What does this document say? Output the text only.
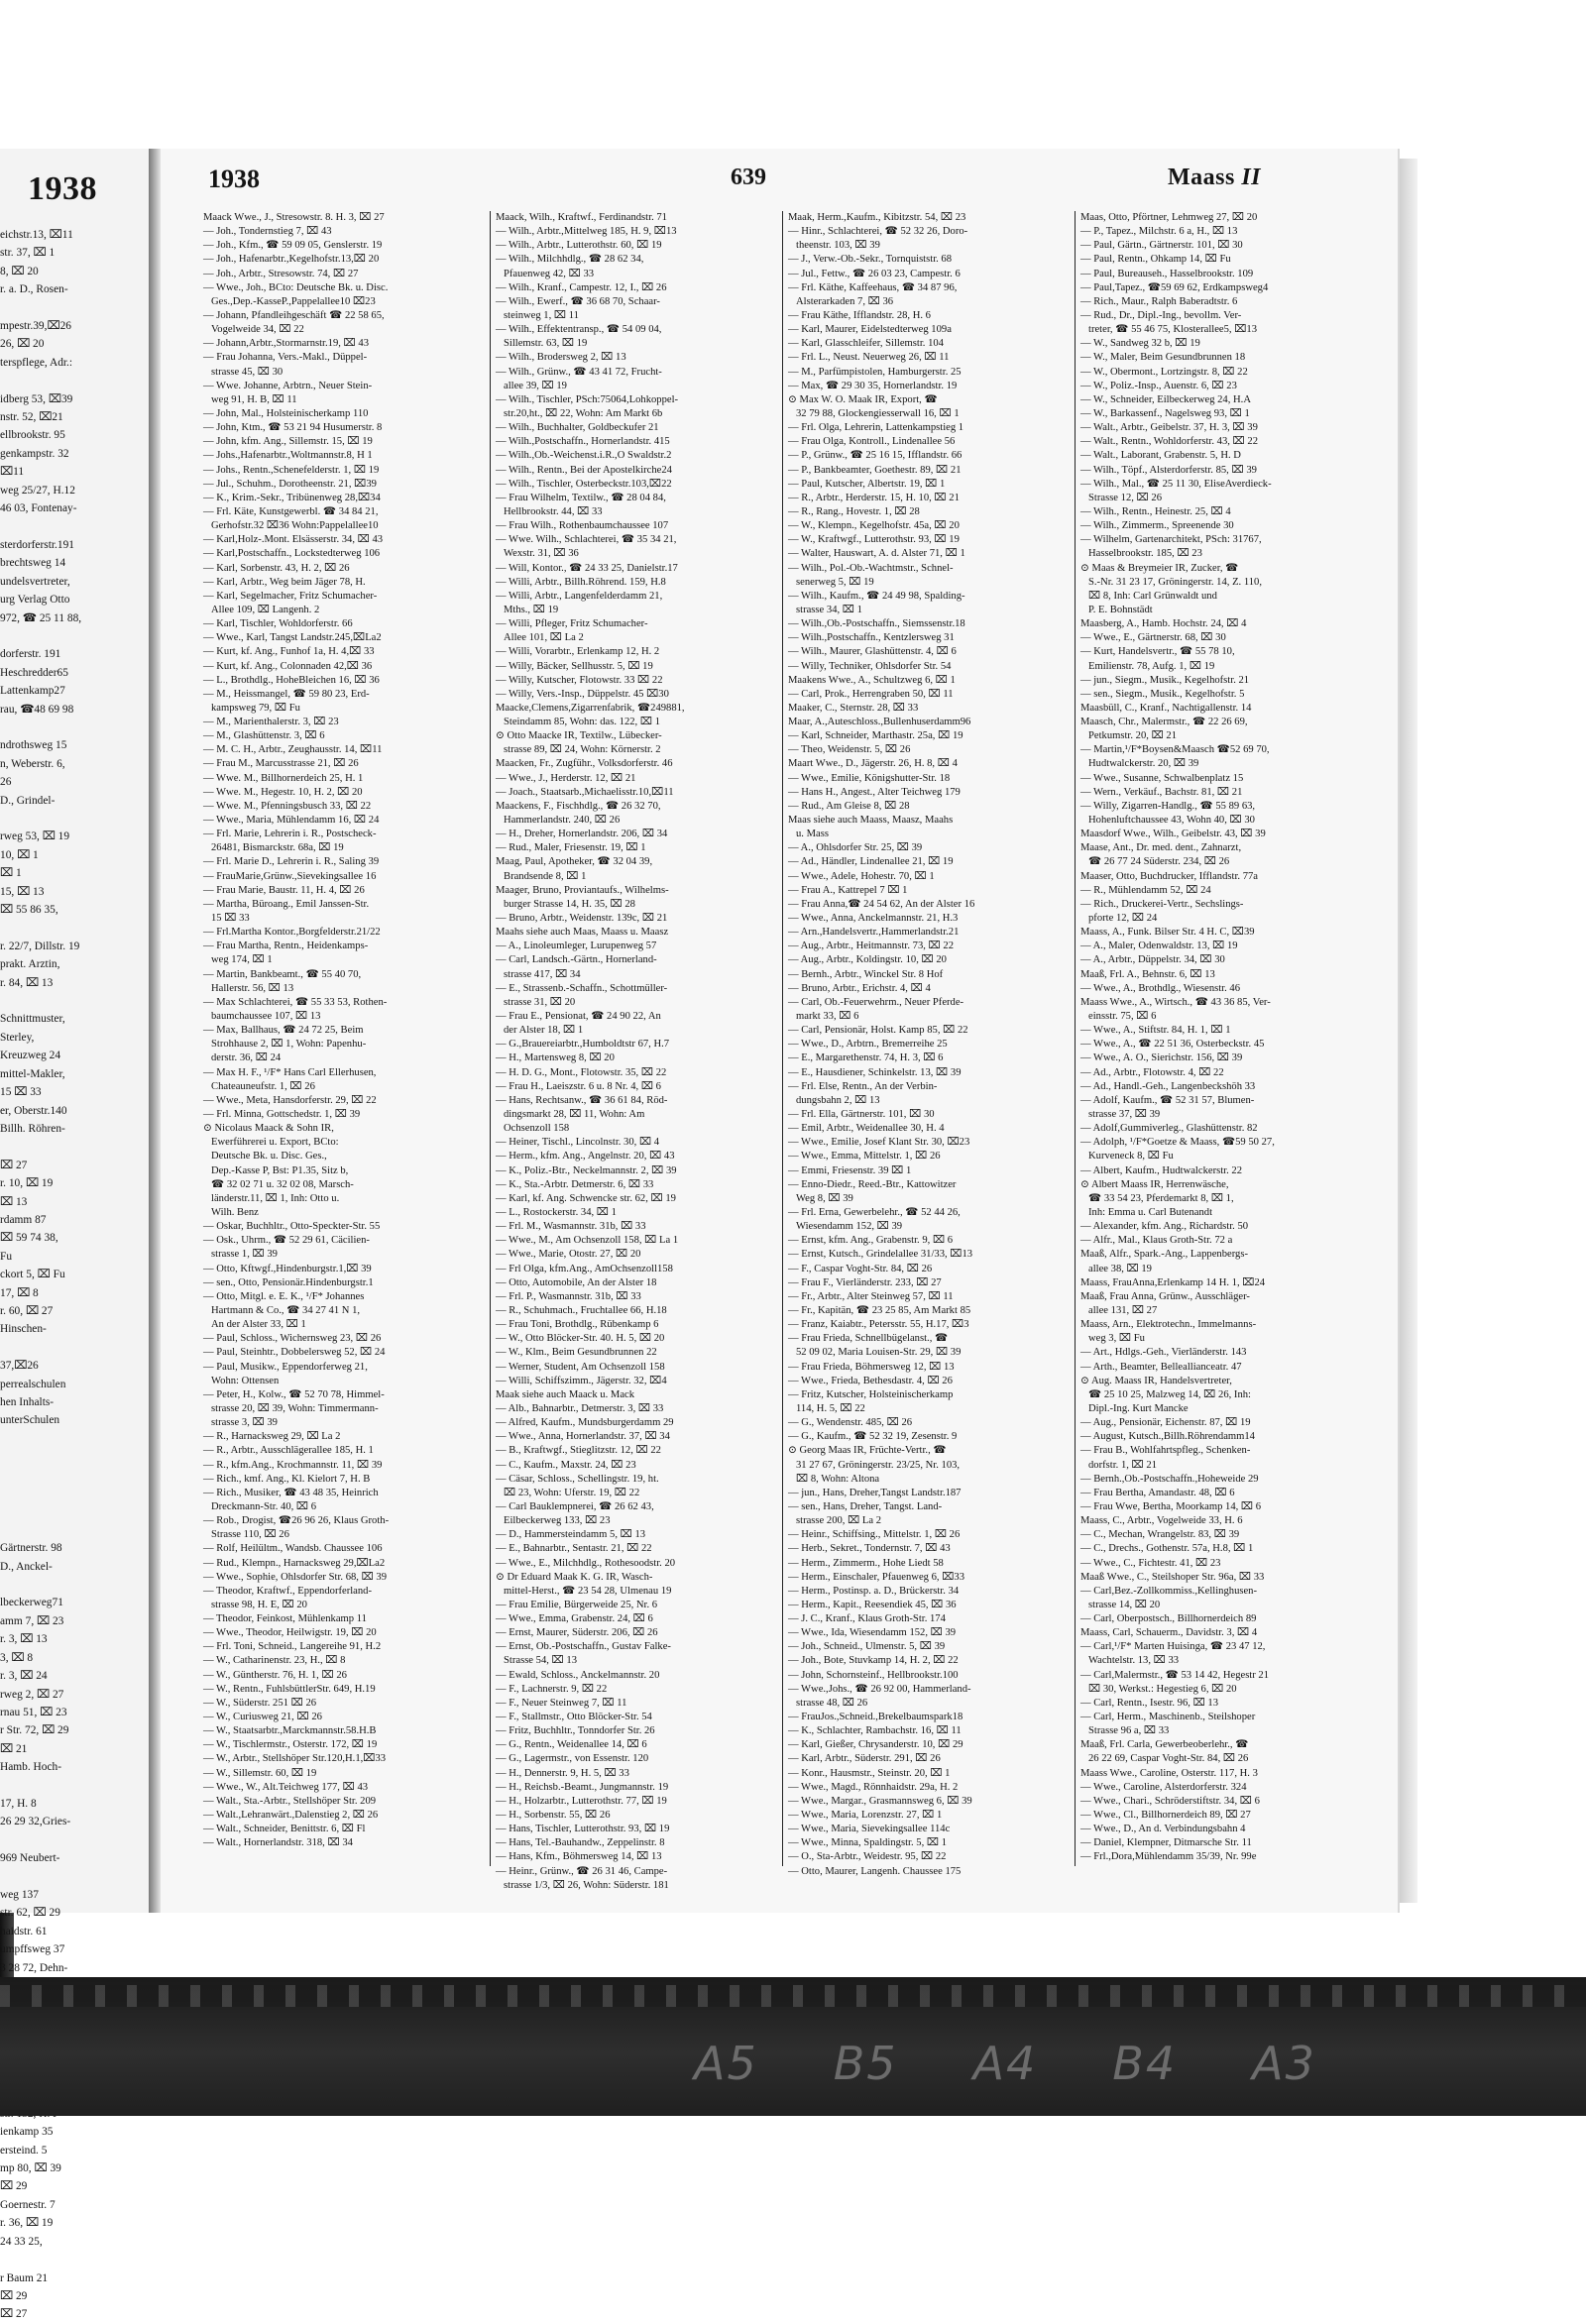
1938
eichstr.13, ⌧11
str. 37, ⌧ 1
8, ⌧ 20
r. a. D., Rosen-

mpestr.39,⌧26
26, ⌧ 20
terspflege, Adr.:

idberg 53, ⌧39
nstr. 52, ⌧21
ellbrookstr. 95
genkampstr. 32
⌧11
weg 25/27, H.12
46 03, Fontenay-

sterdorferstr.191
brechtsweg 14
undelsvertreter,
urg Verlag Otto
972, ☎ 25 11 88,

dorferstr. 191
Heschredder65
Lattenkamp27
rau, ☎48 69 98

ndrothsweg 15
n, Weberstr. 6,
26
D., Grindel-

rweg 53, ⌧ 19
10, ⌧ 1
⌧ 1
15, ⌧ 13
⌧ 55 86 35,

r. 22/7, Dillstr. 19
prakt. Arztin,
r. 84, ⌧ 13

Schnittmuster,
Sterley,
Kreuzweg 24
mittel-Makler,
15 ⌧ 33
er, Oberstr.140
Billh. Röhren-

⌧ 27
r. 10, ⌧ 19
⌧ 13
rdamm 87
⌧ 59 74 38,
Fu
ckort 5, ⌧ Fu
17, ⌧ 8
r. 60, ⌧ 27
Hinschen-

37,⌧26
perrealschulen
hen Inhalts-
unterSchulen

Gärtnerstr. 98
D., Anckel-

lbeckerweg71
amm 7, ⌧ 23
r. 3, ⌧ 13
3, ⌧ 8
r. 3, ⌧ 24
rweg 2, ⌧ 27
rnau 51, ⌧ 23
r Str. 72, ⌧ 29
⌧ 21
Hamb. Hoch-

17, H. 8
26 29 32,Gries-

969 Neubert-

weg 137
str. 62, ⌧ 29
haidstr. 61
umpffsweg 37
3 28 72, Dehn-

ienkamp 35
ersteind. 5
mp 80, ⌧ 39
⌧ 29
Goernestr. 7
r. 36, ⌧ 19
24 33 25,

r Baum 21
⌧ 29
⌧ 27
1938	639	Maass II
Maack Wwe., J., Stresowstr. 8. H. 3, ⌧ 27
— Joh., Tondernstieg 7, ⌧ 43
— Joh., Kfm., ☎ 59 09 05, Genslerstr. 19
— Joh., Hafenarbtr.,Kegelhofstr.13,⌧ 20
— Joh., Arbtr., Stresowstr. 74, ⌧ 27
— Wwe., Joh., BCto: Deutsche Bk. u. Disc.
Ges.,Dep.-KasseP.,Pappelallee10 ⌧23
— Johann, Pfandleihgeschäft ☎ 22 58 65,
Vogelweide 34, ⌧ 22
— Johann,Arbtr.,Stormarnstr.19, ⌧ 43
— Frau Johanna, Vers.-Makl., Düppel-
strasse 45, ⌧ 30
— Wwe. Johanne, Arbtrn., Neuer Stein-
weg 91, H. B, ⌧ 11
— John, Mal., Holsteinischerkamp 110
— John, Ktm., ☎ 53 21 94 Husumerstr. 8
— John, kfm. Ang., Sillemstr. 15, ⌧ 19
— Johs.,Hafenarbtr.,Woltmannstr.8, H 1
— Johs., Rentn.,Schenefelderstr. 1, ⌧ 19
— Jul., Schuhm., Dorotheenstr. 21, ⌧39
— K., Krim.-Sekr., Tribünenweg 28,⌧34
— Frl. Käte, Kunstgewerbl. ☎ 34 84 21,
Gerhofstr.32 ⌧36 Wohn:Pappelallee10
— Karl,Holz-.Mont. Elsässerstr. 34, ⌧ 43
— Karl,Postschaffn., Lockstedterweg 106
— Karl, Sorbenstr. 43, H. 2, ⌧ 26
— Karl, Arbtr., Weg beim Jäger 78, H.
— Karl, Segelmacher, Fritz Schumacher-
Allee 109, ⌧ Langenh. 2
— Karl, Tischler, Wohldorferstr. 66
— Wwe., Karl, Tangst Landstr.245,⌧La2
— Kurt, kf. Ang., Funhof 1a, H. 4,⌧ 33
— Kurt, kf. Ang., Colonnaden 42,⌧ 36
— L., Brothdlg., HoheBleichen 16, ⌧ 36
— M., Heissmangel, ☎ 59 80 23, Erd-
kampsweg 79, ⌧ Fu
— M., Marienthalerstr. 3, ⌧ 23
— M., Glashüttenstr. 3, ⌧ 6
— M. C. H., Arbtr., Zeughausstr. 14, ⌧11
— Frau M., Marcusstrasse 21, ⌧ 26
— Wwe. M., Billhornerdeich 25, H. 1
— Wwe. M., Hegestr. 10, H. 2, ⌧ 20
— Wwe. M., Pfenningsbusch 33, ⌧ 22
— Wwe., Maria, Mühlendamm 16, ⌧ 24
— Frl. Marie, Lehrerin i. R., Postscheck-
26481, Bismarckstr. 68a, ⌧ 19
— Frl. Marie D., Lehrerin i. R., Saling 39
— FrauMarie,Grünw.,Sievekingsallee 16
— Frau Marie, Baustr. 11, H. 4, ⌧ 26
— Martha, Büroang., Emil Janssen-Str.
15 ⌧ 33
— Frl.Martha Kontor.,Borgfelderstr.21/22
— Frau Martha, Rentn., Heidenkamps-
weg 174, ⌧ 1
— Martin, Bankbeamt., ☎ 55 40 70,
Hallerstr. 56, ⌧ 13
— Max Schlachterei, ☎ 55 33 53, Rothen-
baumchaussee 107, ⌧ 13
— Max, Ballhaus, ☎ 24 72 25, Beim
Strohhause 2, ⌧ 1, Wohn: Papenhu-
derstr. 36, ⌧ 24
— Max H. F., ¹/F* Hans Carl Ellerhusen,
Chateauneufstr. 1, ⌧ 26
— Wwe., Meta, Hansdorferstr. 29, ⌧ 22
— Frl. Minna, Gottschedstr. 1, ⌧ 39
⊙ Nicolaus Maack & Sohn IR,
Ewerführerei u. Export, BCto:
Deutsche Bk. u. Disc. Ges.,
Dep.-Kasse P, Bst: P1.35, Sitz b,
☎ 32 02 71 u. 32 02 08, Marsch-
länderstr.11, ⌧ 1, Inh: Otto u.
Wilh. Benz
— Oskar, Buchhltr., Otto-Speckter-Str. 55
— Osk., Uhrm., ☎ 52 29 61, Cäcilien-
strasse 1, ⌧ 39
— Otto, Kftwgf.,Hindenburgstr.1,⌧ 39
— sen., Otto, Pensionär.Hindenburgstr.1
— Otto, Mitgl. e. E. K., ¹/F* Johannes
Hartmann & Co., ☎ 34 27 41 N 1,
An der Alster 33, ⌧ 1
— Paul, Schloss., Wichernsweg 23, ⌧ 26
— Paul, Steinhtr., Dobbelersweg 52, ⌧ 24
— Paul, Musikw., Eppendorferweg 21,
Wohn: Ottensen
— Peter, H., Kolw., ☎ 52 70 78, Himmel-
strasse 20, ⌧ 39, Wohn: Timmermann-
strasse 3, ⌧ 39
— R., Harnacksweg 29, ⌧ La 2
— R., Arbtr., Ausschlägerallee 185, H. 1
— R., kfm.Ang., Krochmannstr. 11, ⌧ 39
— Rich., kmf. Ang., Kl. Kielort 7, H. B
— Rich., Musiker, ☎ 43 48 35, Heinrich
Dreckmann-Str. 40, ⌧ 6
— Rob., Drogist, ☎26 96 26, Klaus Groth-
Strasse 110, ⌧ 26
— Rolf, Heilültm., Wandsb. Chaussee 106
— Rud., Klempn., Harnacksweg 29,⌧La2
— Wwe., Sophie, Ohlsdorfer Str. 68, ⌧ 39
— Theodor, Kraftwf., Eppendorferland-
strasse 98, H. E, ⌧ 20
— Theodor, Feinkost, Mühlenkamp 11
— Wwe., Theodor, Heilwigstr. 19, ⌧ 20
— Frl. Toni, Schneid., Langereihe 91, H.2
— W., Catharinenstr. 23, H., ⌧ 8
— W., Güntherstr. 76, H. 1, ⌧ 26
— W., Rentn., FuhlsbüttlerStr. 649, H.19
— W., Süderstr. 251 ⌧ 26
— W., Curiusweg 21, ⌧ 26
— W., Staatsarbtr.,Marckmannstr.58.H.B
— W., Tischlermstr., Osterstr. 172, ⌧ 19
— W., Arbtr., Stellshöper Str.120,H.1,⌧33
— W., Sillemstr. 60, ⌧ 19
— Wwe., W., Alt.Teichweg 177, ⌧ 43
— Walt., Sta.-Arbtr., Stellshöper Str. 209
— Walt.,Lehranwärt.,Dalenstieg 2, ⌧ 26
— Walt., Schneider, Benittstr. 6, ⌧ Fl
— Walt., Hornerlandstr. 318, ⌧ 34
Maack, Wilh., Kraftwf., Ferdinandstr. 71
— Wilh., Arbtr.,Mittelweg 185, H. 9, ⌧13
— Wilh., Arbtr., Lutterothstr. 60, ⌧ 19
— Wilh., Milchhdlg., ☎ 28 62 34,
Pfauenweg 42, ⌧ 33
— Wilh., Kranf., Campestr. 12, I., ⌧ 26
— Wilh., Ewerf., ☎ 36 68 70, Schaar-
steinweg 1, ⌧ 11
— Wilh., Effektentransp., ☎ 54 09 04,
Sillemstr. 63, ⌧ 19
— Wilh., Brodersweg 2, ⌧ 13
— Wilh., Grünw., ☎ 43 41 72, Frucht-
allee 39, ⌧ 19
— Wilh., Tischler, PSch:75064,Lohkoppel-
str.20,ht., ⌧ 22, Wohn: Am Markt 6b
— Wilh., Buchhalter, Goldbeckufer 21
— Wilh.,Postschaffn., Hornerlandstr. 415
— Wilh.,Ob.-Weichenst.i.R.,O Swaldstr.2
— Wilh., Rentn., Bei der Apostelkirche24
— Wilh., Tischler, Osterbeckstr.103,⌧22
— Frau Wilhelm, Textilw., ☎ 28 04 84,
Hellbrookstr. 44, ⌧ 33
— Frau Wilh., Rothenbaumchaussee 107
— Wwe. Wilh., Schlachterei, ☎ 35 34 21,
Wexstr. 31, ⌧ 36
— Will, Kontor., ☎ 24 33 25, Danielstr.17
— Willi, Arbtr., Billh.Röhrend. 159, H.8
— Willi, Arbtr., Langenfelderdamm 21,
Mths., ⌧ 19
— Willi, Pfleger, Fritz Schumacher-
Allee 101, ⌧ La 2
— Willi, Vorarbtr., Erlenkamp 12, H. 2
— Willy, Bäcker, Sellhusstr. 5, ⌧ 19
— Willy, Kutscher, Flotowstr. 33 ⌧ 22
— Willy, Vers.-Insp., Düppelstr. 45 ⌧30
Maacke,Clemens,Zigarrenfabrik, ☎249881,
Steindamm 85, Wohn: das. 122, ⌧ 1
⊙ Otto Maacke IR, Textilw., Lübecker-
strasse 89, ⌧ 24, Wohn: Körnerstr. 2
Maacken, Fr., Zugführ., Volksdorferstr. 46
— Wwe., J., Herderstr. 12, ⌧ 21
— Joach., Staatsarb.,Michaelisstr.10,⌧11
Maackens, F., Fischhdlg., ☎ 26 32 70,
Hammerlandstr. 240, ⌧ 26
— H., Dreher, Hornerlandstr. 206, ⌧ 34
— Rud., Maler, Friesenstr. 19, ⌧ 1
Maag, Paul, Apotheker, ☎ 32 04 39,
Brandsende 8, ⌧ 1
Maager, Bruno, Proviantaufs., Wilhelms-
burger Strasse 14, H. 35, ⌧ 28
— Bruno, Arbtr., Weidenstr. 139c, ⌧ 21
Maahs siehe auch Maas, Maass u. Maasz
— A., Linoleumleger, Lurupenweg 57
— Carl, Landsch.-Gärtn., Hornerland-
strasse 417, ⌧ 34
— E., Strassenb.-Schaffn., Schottmüller-
strasse 31, ⌧ 20
— Frau E., Pensionat, ☎ 24 90 22, An
der Alster 18, ⌧ 1
— G.,Brauereiarbtr.,Humboldtstr 67, H.7
— H., Martensweg 8, ⌧ 20
— H. D. G., Mont., Flotowstr. 35, ⌧ 22
— Frau H., Laeiszstr. 6 u. 8 Nr. 4, ⌧ 6
— Hans, Rechtsanw., ☎ 36 61 84, Röd-
dingsmarkt 28, ⌧ 11, Wohn: Am
Ochsenzoll 158
— Heiner, Tischl., Lincolnstr. 30, ⌧ 4
— Herm., kfm. Ang., Angelnstr. 20, ⌧ 43
— K., Poliz.-Btr., Neckelmannstr. 2, ⌧ 39
— K., Sta.-Arbtr. Detmerstr. 6, ⌧ 33
— Karl, kf. Ang. Schwencke str. 62, ⌧ 19
— L., Rostockerstr. 34, ⌧ 1
— Frl. M., Wasmannstr. 31b, ⌧ 33
— Wwe., M., Am Ochsenzoll 158, ⌧ La 1
— Wwe., Marie, Otostr. 27, ⌧ 20
— Frl Olga, kfm.Ang., AmOchsenzoll158
— Otto, Automobile, An der Alster 18
— Frl. P., Wasmannstr. 31b, ⌧ 33
— R., Schuhmach., Fruchtallee 66, H.18
— Frau Toni, Brothdlg., Rübenkamp 6
— W., Otto Blöcker-Str. 40. H. 5, ⌧ 20
— W., Klm., Beim Gesundbrunnen 22
— Werner, Student, Am Ochsenzoll 158
— Willi, Schiffszimm., Jägerstr. 32, ⌧4
Maak siehe auch Maack u. Mack
— Alb., Bahnarbtr., Detmerstr. 3, ⌧ 33
— Alfred, Kaufm., Mundsburgerdamm 29
— Wwe., Anna, Hornerlandstr. 37, ⌧ 34
— B., Kraftwgf., Stieglitzstr. 12, ⌧ 22
— C., Kaufm., Maxstr. 24, ⌧ 23
— Cäsar, Schloss., Schellingstr. 19, ht.
⌧ 23, Wohn: Uferstr. 19, ⌧ 22
— Carl Bauklempnerei, ☎ 26 62 43,
Eilbeckerweg 133, ⌧ 23
— D., Hammersteindamm 5, ⌧ 13
— E., Bahnarbtr., Sentastr. 21, ⌧ 22
— Wwe., E., Milchhdlg., Rothesoodstr. 20
⊙ Dr Eduard Maak K. G. IR, Wasch-
mittel-Herst., ☎ 23 54 28, Ulmenau 19
— Frau Emilie, Bürgerweide 25, Nr. 6
— Wwe., Emma, Grabenstr. 24, ⌧ 6
— Ernst, Maurer, Süderstr. 206, ⌧ 26
— Ernst, Ob.-Postschaffn., Gustav Falke-
Strasse 54, ⌧ 13
— Ewald, Schloss., Anckelmannstr. 20
— F., Lachnerstr. 9, ⌧ 22
— F., Neuer Steinweg 7, ⌧ 11
— F., Stallmstr., Otto Blöcker-Str. 54
— Fritz, Buchhltr., Tonndorfer Str. 26
— G., Rentn., Weidenallee 14, ⌧ 6
— G., Lagermstr., von Essenstr. 120
— H., Dennerstr. 9, H. 5, ⌧ 33
— H., Reichsb.-Beamt., Jungmannstr. 19
— H., Holzarbtr., Lutterothstr. 77, ⌧ 19
— H., Sorbenstr. 55, ⌧ 26
— Hans, Tischler, Lutterothstr. 93, ⌧ 19
— Hans, Tel.-Bauhandw., Zeppelinstr. 8
— Hans, Kfm., Böhmersweg 14, ⌧ 13
— Heinr., Grünw., ☎ 26 31 46, Campe-
strasse 1/3, ⌧ 26, Wohn: Süderstr. 181
Maak, Herm.,Kaufm., Kibitzstr. 54, ⌧ 23
— Hinr., Schlachterei, ☎ 52 32 26, Doro-
theenstr. 103, ⌧ 39
— J., Verw.-Ob.-Sekr., Tornquiststr. 68
— Jul., Fettw., ☎ 26 03 23, Campestr. 6
— Frl. Käthe, Kaffeehaus, ☎ 34 87 96,
Alsterarkaden 7, ⌧ 36
— Frau Käthe, Ifflandstr. 28, H. 6
— Karl, Maurer, Eidelstedterweg 109a
— Karl, Glasschleifer, Sillemstr. 104
— Frl. L., Neust. Neuerweg 26, ⌧ 11
— M., Parfümpistolen, Hamburgerstr. 25
— Max, ☎ 29 30 35, Hornerlandstr. 19
⊙ Max W. O. Maak IR, Export, ☎
32 79 88, Glockengiesserwall 16, ⌧ 1
— Frl. Olga, Lehrerin, Lattenkampstieg 1
— Frau Olga, Kontroll., Lindenallee 56
— P., Grünw., ☎ 25 16 15, Ifflandstr. 66
— P., Bankbeamter, Goethestr. 89, ⌧ 21
— Paul, Kutscher, Albertstr. 19, ⌧ 1
— R., Arbtr., Herderstr. 15, H. 10, ⌧ 21
— R., Rang., Hovestr. 1, ⌧ 28
— W., Klempn., Kegelhofstr. 45a, ⌧ 20
— W., Kraftwgf., Lutterothstr. 93, ⌧ 19
— Walter, Hauswart, A. d. Alster 71, ⌧ 1
— Wilh., Pol.-Ob.-Wachtmstr., Schnel-
senerweg 5, ⌧ 19
— Wilh., Kaufm., ☎ 24 49 98, Spalding-
strasse 34, ⌧ 1
— Wilh.,Ob.-Postschaffn., Siemssenstr.18
— Wilh.,Postschaffn., Kentzlersweg 31
— Wilh., Maurer, Glashüttenstr. 4, ⌧ 6
— Willy, Techniker, Ohlsdorfer Str. 54
Maakens Wwe., A., Schultzweg 6, ⌧ 1
— Carl, Prok., Herrengraben 50, ⌧ 11
Maaker, C., Sternstr. 28, ⌧ 33
Maar, A.,Auteschloss.,Bullenhuserdamm96
— Karl, Schneider, Marthastr. 25a, ⌧ 19
— Theo, Weidenstr. 5, ⌧ 26
Maart Wwe., D., Jägerstr. 26, H. 8, ⌧ 4
— Wwe., Emilie, Königshutter-Str. 18
— Hans H., Angest., Alter Teichweg 179
— Rud., Am Gleise 8, ⌧ 28
Maas siehe auch Maass, Maasz, Maahs
u. Mass
— A., Ohlsdorfer Str. 25, ⌧ 39
— Ad., Händler, Lindenallee 21, ⌧ 19
— Wwe., Adele, Hohestr. 70, ⌧ 1
— Frau A., Kattrepel 7 ⌧ 1
— Frau Anna,☎ 24 54 62, An der Alster 16
— Wwe., Anna, Anckelmannstr. 21, H.3
— Arn.,Handelsvertr.,Hammerlandstr.21
— Aug., Arbtr., Heitmannstr. 73, ⌧ 22
— Aug., Arbtr., Koldingstr. 10, ⌧ 20
— Bernh., Arbtr., Winckel Str. 8 Hof
— Bruno, Arbtr., Erichstr. 4, ⌧ 4
— Carl, Ob.-Feuerwehrm., Neuer Pferde-
markt 33, ⌧ 6
— Carl, Pensionär, Holst. Kamp 85, ⌧ 22
— Wwe., D., Arbtrn., Bremerreihe 25
— E., Margarethenstr. 74, H. 3, ⌧ 6
— E., Hausdiener, Schinkelstr. 13, ⌧ 39
— Frl. Else, Rentn., An der Verbin-
dungsbahn 2, ⌧ 13
— Frl. Ella, Gärtnerstr. 101, ⌧ 30
— Emil, Arbtr., Weidenallee 30, H. 4
— Wwe., Emilie, Josef Klant Str. 30, ⌧23
— Wwe., Emma, Mittelstr. 1, ⌧ 26
— Emmi, Friesenstr. 39 ⌧ 1
— Enno-Diedr., Reed.-Btr., Kattowitzer
Weg 8, ⌧ 39
— Frl. Erna, Gewerbelehr., ☎ 52 44 26,
Wiesendamm 152, ⌧ 39
— Ernst, kfm. Ang., Grabenstr. 9, ⌧ 6
— Ernst, Kutsch., Grindelallee 31/33, ⌧13
— F., Caspar Voght-Str. 84, ⌧ 26
— Frau F., Vierländerstr. 233, ⌧ 27
— Fr., Arbtr., Alter Steinweg 57, ⌧ 11
— Fr., Kapitän, ☎ 23 25 85, Am Markt 85
— Franz, Kaiabtr., Petersstr. 55, H.17, ⌧3
— Frau Frieda, Schnellbügelanst., ☎
52 09 02, Maria Louisen-Str. 29, ⌧ 39
— Frau Frieda, Böhmersweg 12, ⌧ 13
— Wwe., Frieda, Bethesdastr. 4, ⌧ 26
— Fritz, Kutscher, Holsteinischerkamp
114, H. 5, ⌧ 22
— G., Wendenstr. 485, ⌧ 26
— G., Kaufm., ☎ 52 32 19, Zesenstr. 9
⊙ Georg Maas IR, Früchte-Vertr., ☎
31 27 67, Gröningerstr. 23/25, Nr. 103,
⌧ 8, Wohn: Altona
— jun., Hans, Dreher,Tangst Landstr.187
— sen., Hans, Dreher, Tangst. Land-
strasse 200, ⌧ La 2
— Heinr., Schiffsing., Mittelstr. 1, ⌧ 26
— Herb., Sekret., Tondernstr. 7, ⌧ 43
— Herm., Zimmerm., Hohe Liedt 58
— Herm., Einschaler, Pfauenweg 6, ⌧33
— Herm., Postinsp. a. D., Brückerstr. 34
— Herm., Kapit., Reesendiek 45, ⌧ 36
— J. C., Kranf., Klaus Groth-Str. 174
— Wwe., Ida, Wiesendamm 152, ⌧ 39
— Joh., Schneid., Ulmenstr. 5, ⌧ 39
— Joh., Bote, Stuvkamp 14, H. 2, ⌧ 22
— John, Schornsteinf., Hellbrookstr.100
— Wwe.,Johs., ☎ 26 92 00, Hammerland-
strasse 48, ⌧ 26
— FrauJos.,Schneid.,Brekelbaumspark18
— K., Schlachter, Rambachstr. 16, ⌧ 11
— Karl, Gießer, Chrysanderstr. 10, ⌧ 29
— Karl, Arbtr., Süderstr. 291, ⌧ 26
— Konr., Hausmstr., Steinstr. 20, ⌧ 1
— Wwe., Magd., Rönnhaidstr. 29a, H. 2
— Wwe., Margar., Grasmannsweg 6, ⌧ 39
— Wwe., Maria, Lorenzstr. 27, ⌧ 1
— Wwe., Maria, Sievekingsallee 114c
— Wwe., Minna, Spaldingstr. 5, ⌧ 1
— O., Sta-Arbtr., Weidestr. 95, ⌧ 22
— Otto, Maurer, Langenh. Chaussee 175
Maas, Otto, Pförtner, Lehmweg 27, ⌧ 20
— P., Tapez., Milchstr. 6 a, H., ⌧ 13
— Paul, Gärtn., Gärtnerstr. 101, ⌧ 30
— Paul, Rentn., Ohkamp 14, ⌧ Fu
— Paul, Bureauseh., Hasselbrookstr. 109
— Paul,Tapez., ☎59 69 62, Erdkampsweg4
— Rich., Maur., Ralph Baberadtstr. 6
— Rud., Dr., Dipl.-Ing., bevollm. Ver-
treter, ☎ 55 46 75, Klosterallee5, ⌧13
— W., Sandweg 32 b, ⌧ 19
— W., Maler, Beim Gesundbrunnen 18
— W., Obermont., Lortzingstr. 8, ⌧ 22
— W., Poliz.-Insp., Auenstr. 6, ⌧ 23
— W., Schneider, Eilbeckerweg 24, H.A
— W., Barkassenf., Nagelsweg 93, ⌧ 1
— Walt., Arbtr., Geibelstr. 37, H. 3, ⌧ 39
— Walt., Rentn., Wohldorferstr. 43, ⌧ 22
— Walt., Laborant, Grabenstr. 5, H. D
— Wilh., Töpf., Alsterdorferstr. 85, ⌧ 39
— Wilh., Mal., ☎ 25 11 30, EliseAverdieck-
Strasse 12, ⌧ 26
— Wilh., Rentn., Heinestr. 25, ⌧ 4
— Wilh., Zimmerm., Spreenende 30
— Wilhelm, Gartenarchitekt, PSch: 31767,
Hasselbrookstr. 185, ⌧ 23
⊙ Maas & Breymeier IR, Zucker, ☎
S.-Nr. 31 23 17, Gröningerstr. 14, Z. 110,
⌧ 8, Inh: Carl Grünwaldt und
P. E. Bohnstädt
Maasberg, A., Hamb. Hochstr. 24, ⌧ 4
— Wwe., E., Gärtnerstr. 68, ⌧ 30
— Kurt, Handelsvertr., ☎ 55 78 10,
Emilienstr. 78, Aufg. 1, ⌧ 19
— jun., Siegm., Musik., Kegelhofstr. 21
— sen., Siegm., Musik., Kegelhofstr. 5
Maasbüll, C., Kranf., Nachtigallenstr. 14
Maasch, Chr., Malermstr., ☎ 22 26 69,
Petkumstr. 20, ⌧ 21
— Martin,¹/F*Boysen&Maasch ☎52 69 70,
Hudtwalckerstr. 20, ⌧ 39
— Wwe., Susanne, Schwalbenplatz 15
— Wern., Verkäuf., Bachstr. 81, ⌧ 21
— Willy, Zigarren-Handlg., ☎ 55 89 63,
Hohenluftchaussee 43, Wohn 40, ⌧ 30
Maasdorf Wwe., Wilh., Geibelstr. 43, ⌧ 39
Maase, Ant., Dr. med. dent., Zahnarzt,
☎ 26 77 24 Süderstr. 234, ⌧ 26
Maaser, Otto, Buchdrucker, Ifflandstr. 77a
— R., Mühlendamm 52, ⌧ 24
— Rich., Druckerei-Vertr., Sechslings-
pforte 12, ⌧ 24
Maass, A., Funk. Bilser Str. 4 H. C, ⌧39
— A., Maler, Odenwaldstr. 13, ⌧ 19
— A., Arbtr., Düppelstr. 34, ⌧ 30
Maaß, Frl. A., Behnstr. 6, ⌧ 13
— Wwe., A., Brothdlg., Wiesenstr. 46
Maass Wwe., A., Wirtsch., ☎ 43 36 85, Ver-
einsstr. 75, ⌧ 6
— Wwe., A., Stiftstr. 84, H. 1, ⌧ 1
— Wwe., A., ☎ 22 51 36, Osterbeckstr. 45
— Wwe., A. O., Sierichstr. 156, ⌧ 39
— Ad., Arbtr., Flotowstr. 4, ⌧ 22
— Ad., Handl.-Geh., Langenbeckshöh 33
— Adolf, Kaufm., ☎ 52 31 57, Blumen-
strasse 37, ⌧ 39
— Adolf,Gummiverleg., Glashüttenstr. 82
— Adolph, ¹/F*Goetze & Maass, ☎59 50 27,
Kurveneck 8, ⌧ Fu
— Albert, Kaufm., Hudtwalckerstr. 22
⊙ Albert Maass IR, Herrenwäsche,
☎ 33 54 23, Pferdemarkt 8, ⌧ 1,
Inh: Emma u. Carl Butenandt
— Alexander, kfm. Ang., Richardstr. 50
— Alfr., Mal., Klaus Groth-Str. 72 a
Maaß, Alfr., Spark.-Ang., Lappenbergs-
allee 38, ⌧ 19
Maass, FrauAnna,Erlenkamp 14 H. 1, ⌧24
Maaß, Frau Anna, Grünw., Ausschläger-
allee 131, ⌧ 27
Maass, Arn., Elektrotechn., Immelmanns-
weg 3, ⌧ Fu
— Art., Hdlgs.-Geh., Vierländerstr. 143
— Arth., Beamter, Belleallianceatr. 47
⊙ Aug. Maass IR, Handelsvertreter,
☎ 25 10 25, Malzweg 14, ⌧ 26, Inh:
Dipl.-Ing. Kurt Mancke
— Aug., Pensionär, Eichenstr. 87, ⌧ 19
— August, Kutsch.,Billh.Röhrendamm14
— Frau B., Wohlfahrtspfleg., Schenken-
dorfstr. 1, ⌧ 21
— Bernh.,Ob.-Postschaffn.,Hoheweide 29
— Frau Bertha, Amandastr. 48, ⌧ 6
— Frau Wwe, Bertha, Moorkamp 14, ⌧ 6
Maass, C., Arbtr., Vogelweide 33, H. 6
— C., Mechan, Wrangelstr. 83, ⌧ 39
— C., Drechs., Gothenstr. 57a, H.8, ⌧ 1
— Wwe., C., Fichtestr. 41, ⌧ 23
Maaß Wwe., C., Steilshoper Str. 96a, ⌧ 33
— Carl,Bez.-Zollkommiss.,Kellinghusen-
strasse 14, ⌧ 20
— Carl, Oberpostsch., Billhornerdeich 89
Maass, Carl, Schauerm., Davidstr. 3, ⌧ 4
— Carl,¹/F* Marten Huisinga, ☎ 23 47 12,
Wachtelstr. 13, ⌧ 33
— Carl,Malermstr., ☎ 53 14 42, Hegestr 21
⌧ 30, Werkst.: Hegestieg 6, ⌧ 20
— Carl, Rentn., Isestr. 96, ⌧ 13
— Carl, Herm., Maschinenb., Steilshoper
Strasse 96 a, ⌧ 33
Maaß, Frl. Carla, Gewerbeoberlehr., ☎
26 22 69, Caspar Voght-Str. 84, ⌧ 26
Maass Wwe., Caroline, Osterstr. 117, H. 3
— Wwe., Caroline, Alsterdorferstr. 324
— Wwe., Chari., Schröderstiftstr. 34, ⌧ 6
— Wwe., Cl., Billhornerdeich 89, ⌧ 27
— Wwe., D., An d. Verbindungsbahn 4
— Daniel, Klempner, Ditmarsche Str. 11
— Frl.,Dora,Mühlendamm 35/39, Nr. 99e
A5 B5 A4 B4 A3
